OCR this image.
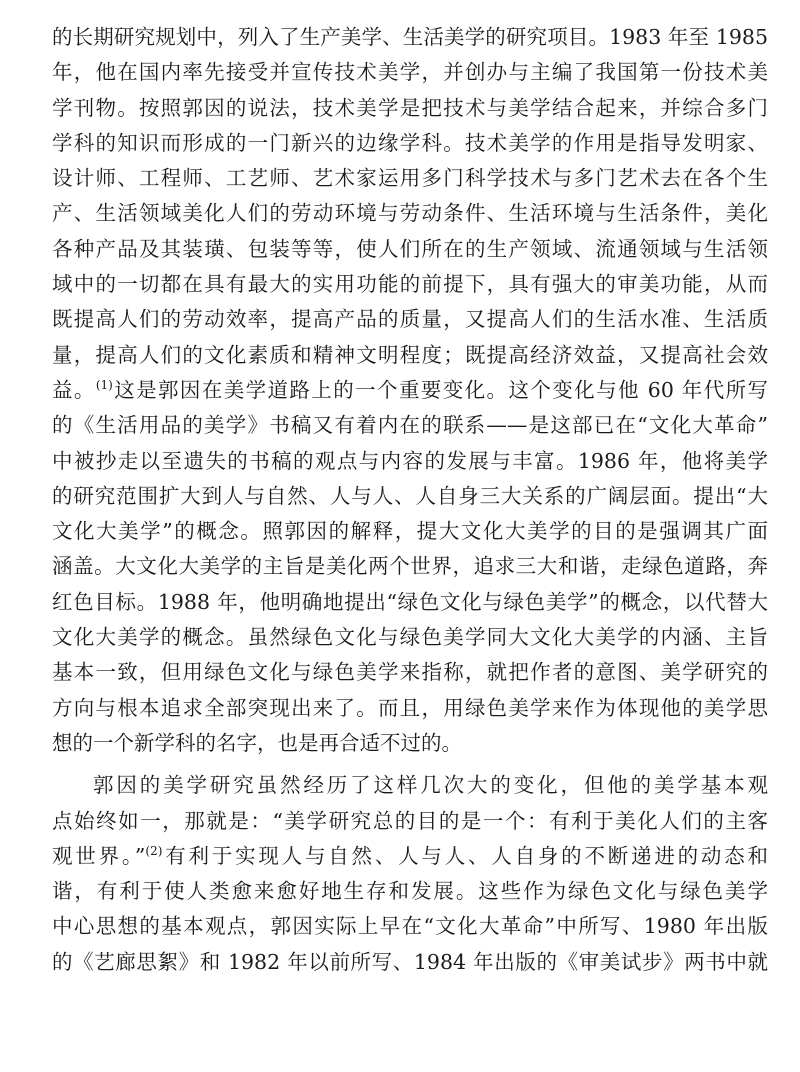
的长期研究规划中，列入了生产美学、生活美学的研究项目。1983 年至 1985
年，他在国内率先接受并宣传技术美学，并创办与主编了我国第一份技术美
学刊物。按照郭因的说法，技术美学是把技术与美学结合起来，并综合多门
学科的知识而形成的一门新兴的边缘学科。技术美学的作用是指导发明家、
设计师、工程师、工艺师、艺术家运用多门科学技术与多门艺术去在各个生
产、生活领域美化人们的劳动环境与劳动条件、生活环境与生活条件，美化
各种产品及其装璜、包装等等，使人们所在的生产领域、流通领域与生活领
域中的一切都在具有最大的实用功能的前提下，具有强大的审美功能，从而
既提高人们的劳动效率，提高产品的质量，又提高人们的生活水准、生活质
量，提高人们的文化素质和精神文明程度；既提高经济效益，又提高社会效
益。$^{(1)}$这是郭因在美学道路上的一个重要变化。这个变化与他 60 年代所写
的《生活用品的美学》书稿又有着内在的联系——是这部已在“文化大革命”
中被抄走以至遗失的书稿的观点与内容的发展与丰富。1986 年，他将美学
的研究范围扩大到人与自然、人与人、人自身三大关系的广阔层面。提出“大
文化大美学”的概念。照郭因的解释，提大文化大美学的目的是强调其广面
涵盖。大文化大美学的主旨是美化两个世界，追求三大和谐，走绿色道路，奔
红色目标。1988 年，他明确地提出“绿色文化与绿色美学”的概念，以代替大
文化大美学的概念。虽然绿色文化与绿色美学同大文化大美学的内涵、主旨
基本一致，但用绿色文化与绿色美学来指称，就把作者的意图、美学研究的
方向与根本追求全部突现出来了。而且，用绿色美学来作为体现他的美学思
想的一个新学科的名字，也是再合适不过的。
郭因的美学研究虽然经历了这样几次大的变化，但他的美学基本观
点始终如一，那就是：“美学研究总的目的是一个：有利于美化人们的主客
观世界。”$^{(2)}$有利于实现人与自然、人与人、人自身的不断递进的动态和
谐，有利于使人类愈来愈好地生存和发展。这些作为绿色文化与绿色美学
中心思想的基本观点，郭因实际上早在“文化大革命”中所写、1980 年出版
的《艺廊思絮》和 1982 年以前所写、1984 年出版的《审美试步》两书中就
